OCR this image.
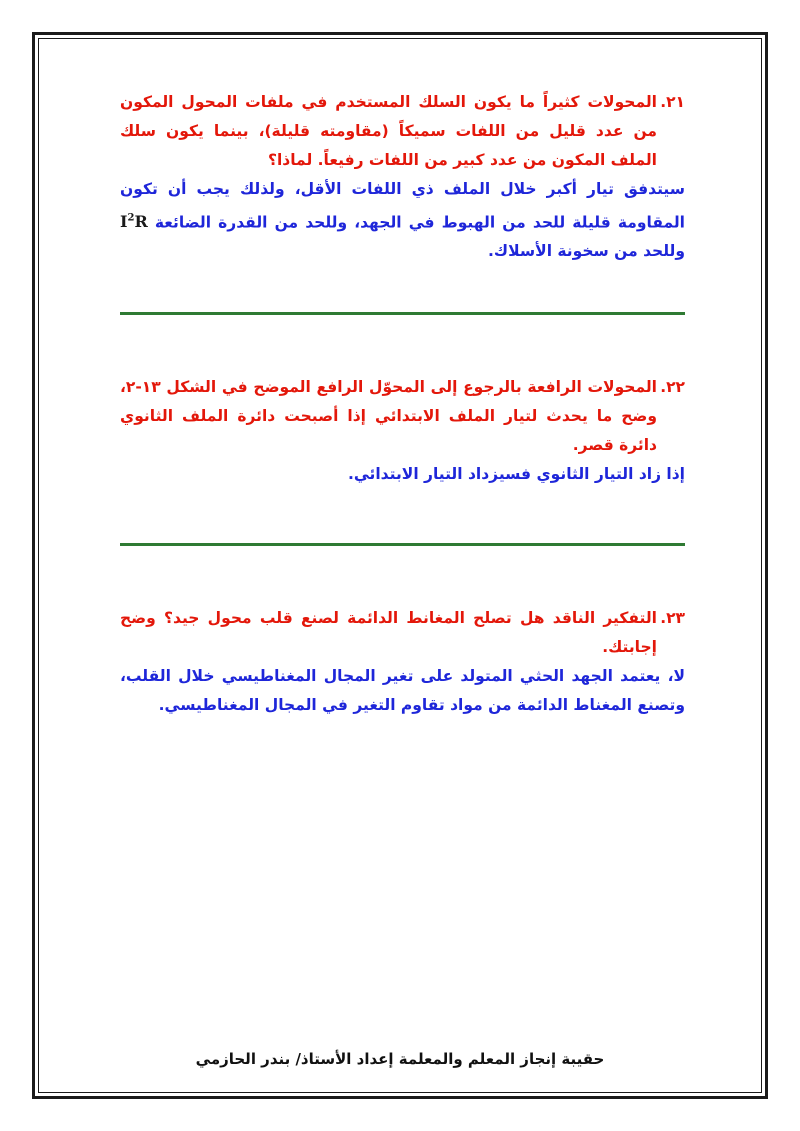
٢١.
المحولات كثيراً ما يكون السلك المستخدم في ملفات المحول المكون من عدد قليل من اللفات سميكاً (مقاومته قليلة)، بينما يكون سلك الملف المكون من عدد كبير من اللفات رفيعاً. لماذا؟

سيتدفق تيار أكبر خلال الملف ذي اللفات الأقل، ولذلك يجب أن تكون المقاومة قليلة للحد من الهبوط في الجهد، وللحد من القدرة الضائعة $I^2R$ وللحد من سخونة الأسلاك.

٢٢.
المحولات الرافعة بالرجوع إلى المحوّل الرافع الموضح في الشكل ١٣-٢، وضح ما يحدث لتيار الملف الابتدائي إذا أصبحت دائرة الملف الثانوي دائرة قصر.

إذا زاد التيار الثانوي فسيزداد التيار الابتدائي.

٢٣.
التفكير الناقد هل تصلح المغانط الدائمة لصنع قلب محول جيد؟ وضح إجابتك.

لا، يعتمد الجهد الحثي المتولد على تغير المجال المغناطيسي خلال القلب، وتصنع المغناط الدائمة من مواد تقاوم التغير في المجال المغناطيسي.

حقيبة إنجاز المعلم والمعلمة إعداد الأستاذ/ بندر الحازمي
